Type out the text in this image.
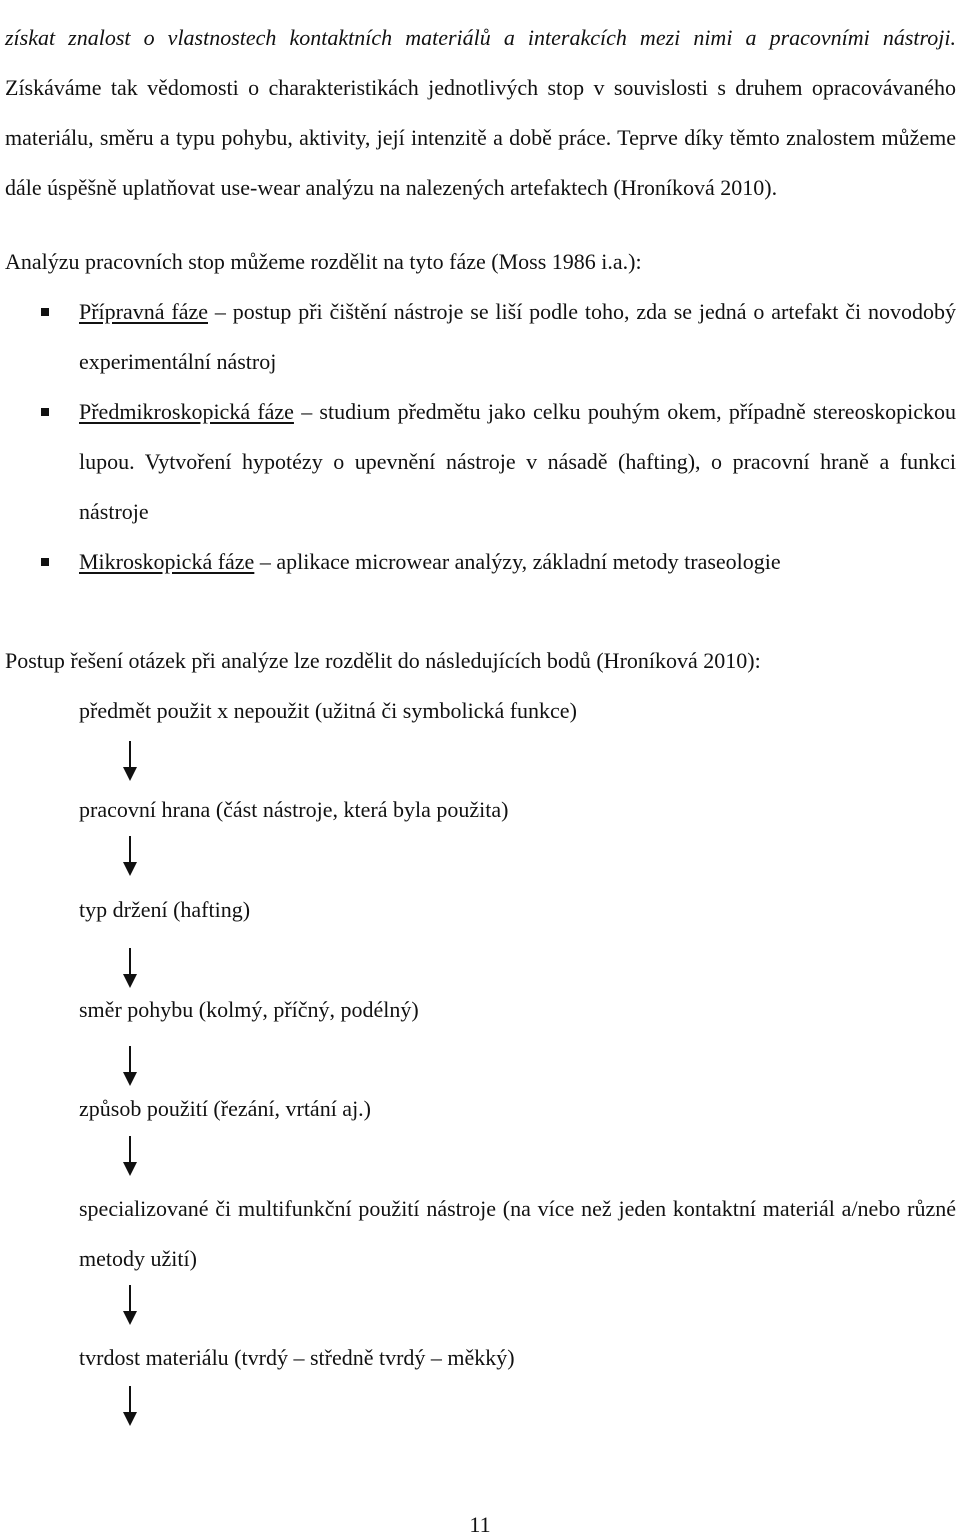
získat znalost o vlastnostech kontaktních materiálů a interakcích mezi nimi a pracovními nástroji. Získáváme tak vědomosti o charakteristikách jednotlivých stop v souvislosti s druhem opracovávaného materiálu, směru a typu pohybu, aktivity, její intenzitě a době práce. Teprve díky těmto znalostem můžeme dále úspěšně uplatňovat use-wear analýzu na nalezených artefaktech (Hroníková 2010).

Analýzu pracovních stop můžeme rozdělit na tyto fáze (Moss 1986 i.a.):

Přípravná fáze – postup při čištění nástroje se liší podle toho, zda se jedná o artefakt či novodobý experimentální nástroj
Předmikroskopická fáze – studium předmětu jako celku pouhým okem, případně stereoskopickou lupou. Vytvoření hypotézy o upevnění nástroje v násadě (hafting), o pracovní hraně a funkci nástroje
Mikroskopická fáze – aplikace microwear analýzy, základní metody traseologie

Postup řešení otázek při analýze lze rozdělit do následujících bodů (Hroníková 2010):

předmět použit x nepoužit (užitná či symbolická funkce)
pracovní hrana (část nástroje, která byla použita)
typ držení (hafting)
směr pohybu (kolmý, příčný, podélný)
způsob použití (řezání, vrtání aj.)
specializované či multifunkční použití nástroje (na více než jeden kontaktní materiál a/nebo různé metody užití)
tvrdost materiálu (tvrdý – středně tvrdý – měkký)
11
